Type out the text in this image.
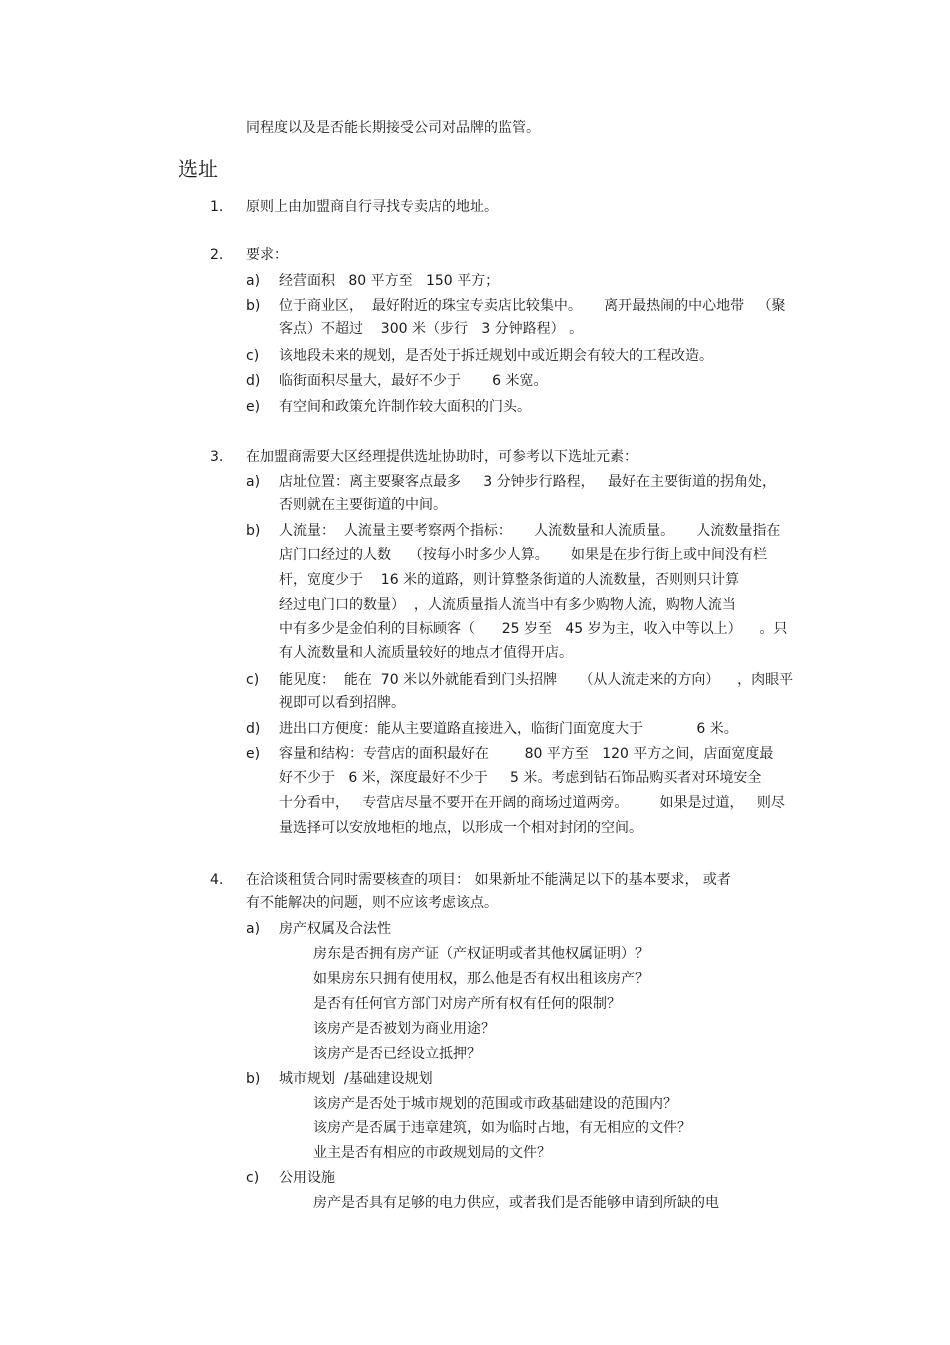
同程度以及是否能长期接受公司对品牌的监管。
选址
1. 原则上由加盟商自行寻找专卖店的地址。
2. 要求：
a) 经营面积   80 平方至   150 平方；
b) 位于商业区，  最好附近的珠宝专卖店比较集中。     离开最热闹的中心地带   （聚
客点）不超过    300 米（步行   3 分钟路程） 。
c) 该地段未来的规划，是否处于拆迁规划中或近期会有较大的工程改造。
d) 临街面积尽量大，最好不少于       6 米宽。
e) 有空间和政策允许制作较大面积的门头。
3. 在加盟商需要大区经理提供选址协助时，可参考以下选址元素：
a) 店址位置：离主要聚客点最多     3 分钟步行路程，   最好在主要街道的拐角处，
否则就在主要街道的中间。
b) 人流量：  人流量主要考察两个指标：     人流数量和人流质量。     人流数量指在
店门口经过的人数    （按每小时多少人算。     如果是在步行街上或中间没有栏
杆，宽度少于    16 米的道路，则计算整条街道的人流数量，否则则只计算
经过电门口的数量）  ，人流质量指人流当中有多少购物人流，购物人流当
中有多少是金伯利的目标顾客（      25 岁至   45 岁为主，收入中等以上）    。只
有人流数量和人流质量较好的地点才值得开店。
c) 能见度：  能在  70 米以外就能看到门头招牌     （从人流走来的方向）    ，肉眼平
视即可以看到招牌。
d) 进出口方便度：能从主要道路直接进入，临街门面宽度大于            6 米。
e) 容量和结构：专营店的面积最好在        80 平方至   120 平方之间，店面宽度最
好不少于   6 米，深度最好不少于     5 米。考虑到钻石饰品购买者对环境安全
十分看中，   专营店尽量不要开在开阔的商场过道两旁。       如果是过道，   则尽
量选择可以安放地柜的地点，以形成一个相对封闭的空间。
4. 在洽谈租赁合同时需要核查的项目： 如果新址不能满足以下的基本要求， 或者
有不能解决的问题，则不应该考虑该点。
a) 房产权属及合法性
房东是否拥有房产证（产权证明或者其他权属证明）？
如果房东只拥有使用权，那么他是否有权出租该房产？
是否有任何官方部门对房产所有权有任何的限制？
该房产是否被划为商业用途？
该房产是否已经设立抵押？
b) 城市规划  /基础建设规划
该房产是否处于城市规划的范围或市政基础建设的范围内？
该房产是否属于违章建筑，如为临时占地，有无相应的文件？
业主是否有相应的市政规划局的文件？
c) 公用设施
房产是否具有足够的电力供应，或者我们是否能够申请到所缺的电
